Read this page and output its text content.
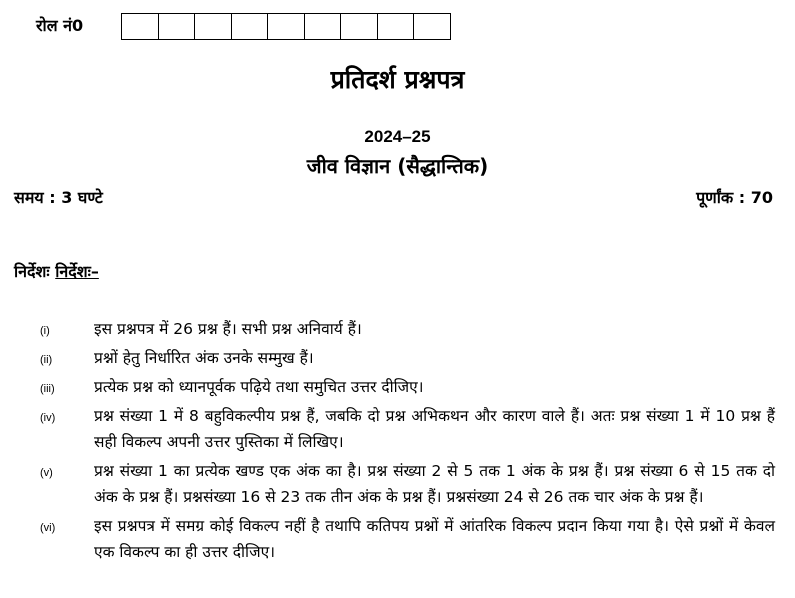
रोल नं0
प्रतिदर्श प्रश्नपत्र
2024–25
जीव विज्ञान (सैद्धान्तिक)
समय : 3 घण्टे	पूर्णांक : 70
निर्देशः निर्देशः–
(i)	इस प्रश्नपत्र में 26 प्रश्न हैं। सभी प्रश्न अनिवार्य हैं।
(ii)	प्रश्नों हेतु निर्धारित अंक उनके सम्मुख हैं।
(iii)	प्रत्येक प्रश्न को ध्यानपूर्वक पढ़िये तथा समुचित उत्तर दीजिए।
(iv) प्रश्न संख्या 1 में 8 बहुविकल्पीय प्रश्न हैं, जबकि दो प्रश्न अभिकथन और कारण वाले हैं। अतः प्रश्न संख्या 1 में 10 प्रश्न हैं सही विकल्प अपनी उत्तर पुस्तिका में लिखिए।
(v)	प्रश्न संख्या 1 का प्रत्येक खण्ड एक अंक का है। प्रश्न संख्या 2 से 5 तक 1 अंक के प्रश्न हैं। प्रश्न संख्या 6 से 15 तक दो अंक के प्रश्न हैं। प्रश्नसंख्या 16 से 23 तक तीन अंक के प्रश्न हैं। प्रश्नसंख्या 24 से 26 तक चार अंक के प्रश्न हैं।
(vi) इस प्रश्नपत्र में समग्र कोई विकल्प नहीं है तथापि कतिपय प्रश्नों में आंतरिक विकल्प प्रदान किया गया है। ऐसे प्रश्नों में केवल एक विकल्प का ही उत्तर दीजिए।
